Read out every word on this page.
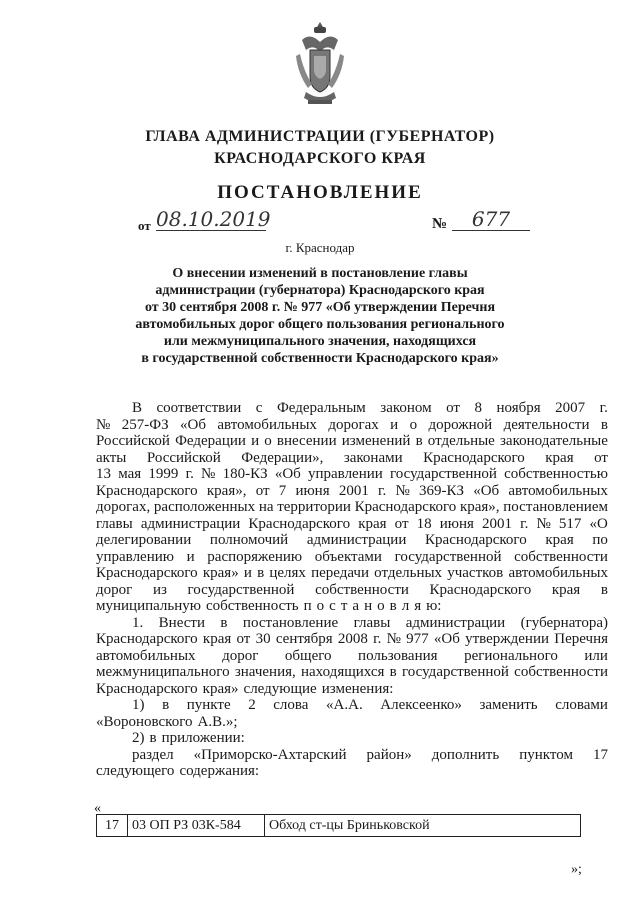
ГЛАВА АДМИНИСТРАЦИИ (ГУБЕРНАТОР)
КРАСНОДАРСКОГО КРАЯ
ПОСТАНОВЛЕНИЕ
от 08.10.2019	№	677
г. Краснодар
О внесении изменений в постановление главы
администрации (губернатора) Краснодарского края
от 30 сентября 2008 г. № 977 «Об утверждении Перечня
автомобильных дорог общего пользования регионального
или межмуниципального значения, находящихся
в государственной собственности Краснодарского края»
В соответствии с Федеральным законом от 8 ноября 2007 г.
№ 257-ФЗ «Об автомобильных дорогах и о дорожной деятельности в
Российской Федерации и о внесении изменений в отдельные законодательные
акты Российской Федерации», законами Краснодарского края от
13 мая 1999 г. № 180-КЗ «Об управлении государственной собственностью
Краснодарского края», от 7 июня 2001 г. № 369-КЗ «Об автомобильных
дорогах, расположенных на территории Краснодарского края», постановлением
главы администрации Краснодарского края от 18 июня 2001 г. № 517 «О
делегировании полномочий администрации Краснодарского края по
управлению и распоряжению объектами государственной собственности
Краснодарского края» и в целях передачи отдельных участков автомобильных
дорог из государственной собственности Краснодарского края в
муниципальную собственность п о с т а н о в л я ю:
1. Внести в постановление главы администрации (губернатора)
Краснодарского края от 30 сентября 2008 г. № 977 «Об утверждении Перечня
автомобильных дорог общего пользования регионального или
межмуниципального значения, находящихся в государственной собственности
Краснодарского края» следующие изменения:
1) в пункте 2 слова «А.А. Алексеенко» заменить словами
«Вороновского А.В.»;
2) в приложении:
раздел «Приморско-Ахтарский район» дополнить пунктом 17
следующего содержания:
«
17	03 ОП РЗ 03К-584	Обход ст-цы Бриньковской
»;
